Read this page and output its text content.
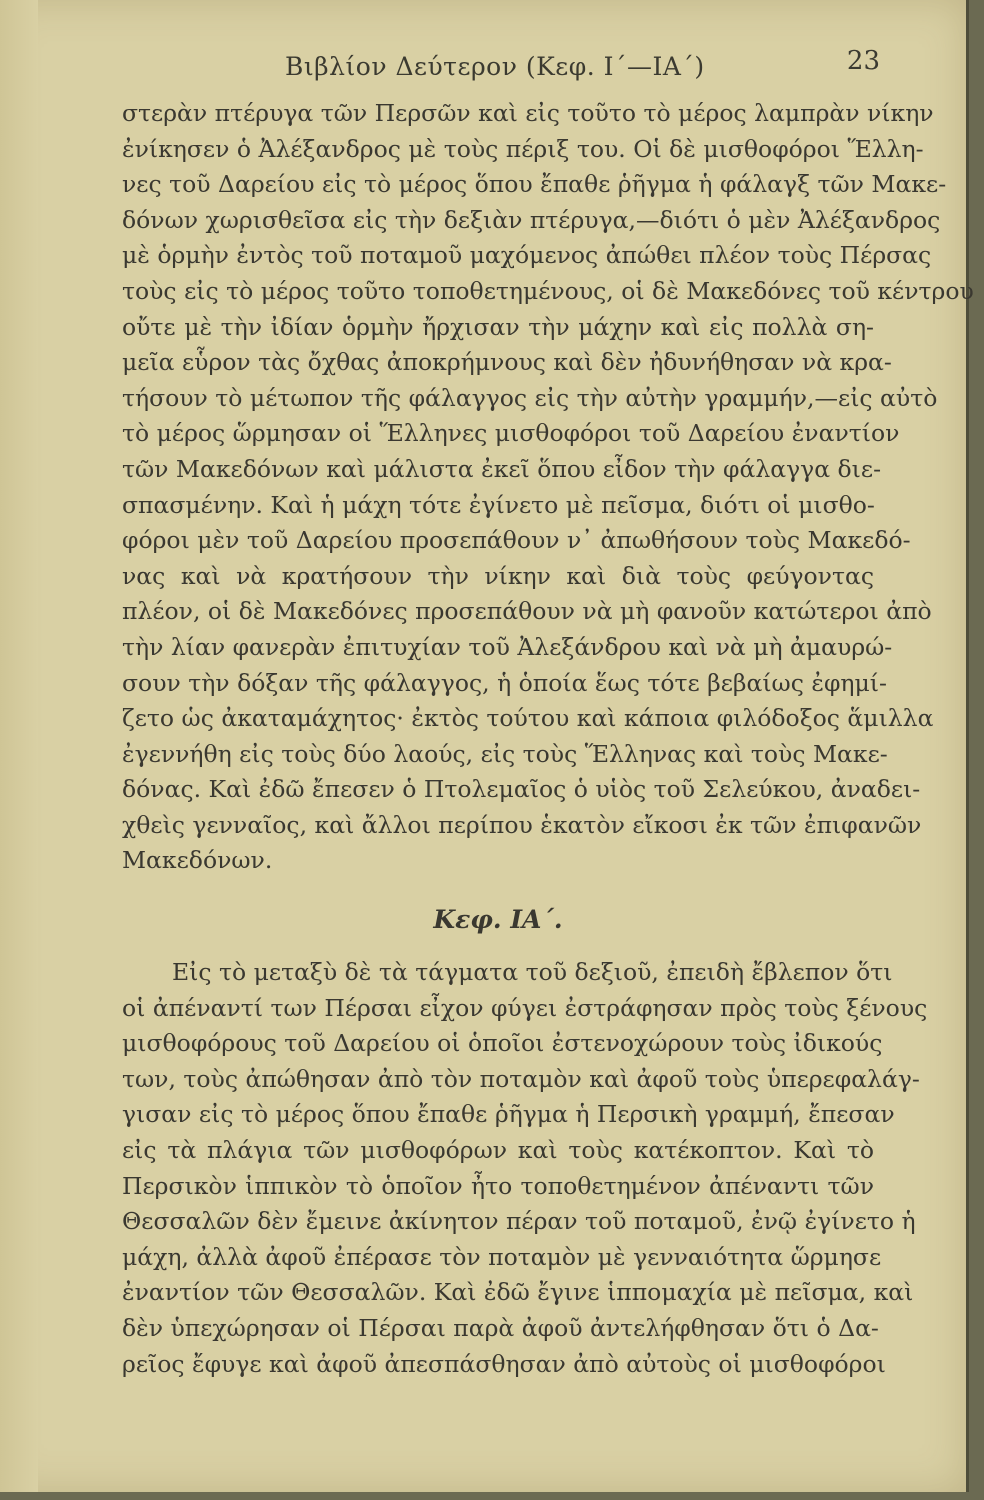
Βιβλίον Δεύτερον (Κεφ. Ι΄—ΙΑ΄)	23
στερὰν πτέρυγα τῶν Περσῶν καὶ εἰς τοῦτο τὸ μέρος λαμπρὰν νίκην
ἐνίκησεν ὁ Ἀλέξανδρος μὲ τοὺς πέριξ του. Οἱ δὲ μισθοφόροι Ἕλλη-
νες τοῦ Δαρείου εἰς τὸ μέρος ὅπου ἔπαθε ῥῆγμα ἡ φάλαγξ τῶν Μακε-
δόνων χωρισθεῖσα εἰς τὴν δεξιὰν πτέρυγα,—διότι ὁ μὲν Ἀλέξανδρος
μὲ ὁρμὴν ἐντὸς τοῦ ποταμοῦ μαχόμενος ἀπώθει πλέον τοὺς Πέρσας
τοὺς εἰς τὸ μέρος τοῦτο τοποθετημένους, οἱ δὲ Μακεδόνες τοῦ κέντρου
οὔτε μὲ τὴν ἰδίαν ὁρμὴν ἤρχισαν τὴν μάχην καὶ εἰς πολλὰ ση-
μεῖα εὗρον τὰς ὄχθας ἀποκρήμνους καὶ δὲν ἠδυνήθησαν νὰ κρα-
τήσουν τὸ μέτωπον τῆς φάλαγγος εἰς τὴν αὐτὴν γραμμήν,—εἰς αὐτὸ
τὸ μέρος ὥρμησαν οἱ Ἕλληνες μισθοφόροι τοῦ Δαρείου ἐναντίον
τῶν Μακεδόνων καὶ μάλιστα ἐκεῖ ὅπου εἶδον τὴν φάλαγγα διε-
σπασμένην. Καὶ ἡ μάχη τότε ἐγίνετο μὲ πεῖσμα, διότι οἱ μισθο-
φόροι μὲν τοῦ Δαρείου προσεπάθουν ν᾿ ἀπωθήσουν τοὺς Μακεδό-
νας καὶ νὰ κρατήσουν τὴν νίκην καὶ διὰ τοὺς φεύγοντας
πλέον, οἱ δὲ Μακεδόνες προσεπάθουν νὰ μὴ φανοῦν κατώτεροι ἀπὸ
τὴν λίαν φανερὰν ἐπιτυχίαν τοῦ Ἀλεξάνδρου καὶ νὰ μὴ ἀμαυρώ-
σουν τὴν δόξαν τῆς φάλαγγος, ἡ ὁποία ἕως τότε βεβαίως ἐφημί-
ζετο ὡς ἀκαταμάχητος· ἐκτὸς τούτου καὶ κάποια φιλόδοξος ἅμιλλα
ἐγεννήθη εἰς τοὺς δύο λαούς, εἰς τοὺς Ἕλληνας καὶ τοὺς Μακε-
δόνας. Καὶ ἐδῶ ἔπεσεν ὁ Πτολεμαῖος ὁ υἱὸς τοῦ Σελεύκου, ἀναδει-
χθεὶς γενναῖος, καὶ ἄλλοι περίπου ἑκατὸν εἴκοσι ἐκ τῶν ἐπιφανῶν
Μακεδόνων.
Κεφ. ΙΑ΄.
Εἰς τὸ μεταξὺ δὲ τὰ τάγματα τοῦ δεξιοῦ, ἐπειδὴ ἔβλεπον ὅτι
οἱ ἀπέναντί των Πέρσαι εἶχον φύγει ἐστράφησαν πρὸς τοὺς ξένους
μισθοφόρους τοῦ Δαρείου οἱ ὁποῖοι ἐστενοχώρουν τοὺς ἰδικούς
των, τοὺς ἀπώθησαν ἀπὸ τὸν ποταμὸν καὶ ἀφοῦ τοὺς ὑπερεφαλάγ-
γισαν εἰς τὸ μέρος ὅπου ἔπαθε ῥῆγμα ἡ Περσικὴ γραμμή, ἔπεσαν
εἰς τὰ πλάγια τῶν μισθοφόρων καὶ τοὺς κατέκοπτον. Καὶ τὸ
Περσικὸν ἱππικὸν τὸ ὁποῖον ἦτο τοποθετημένον ἀπέναντι τῶν
Θεσσαλῶν δὲν ἔμεινε ἀκίνητον πέραν τοῦ ποταμοῦ, ἐνῷ ἐγίνετο ἡ
μάχη, ἀλλὰ ἀφοῦ ἐπέρασε τὸν ποταμὸν μὲ γενναιότητα ὥρμησε
ἐναντίον τῶν Θεσσαλῶν. Καὶ ἐδῶ ἔγινε ἱππομαχία μὲ πεῖσμα, καὶ
δὲν ὑπεχώρησαν οἱ Πέρσαι παρὰ ἀφοῦ ἀντελήφθησαν ὅτι ὁ Δα-
ρεῖος ἔφυγε καὶ ἀφοῦ ἀπεσπάσθησαν ἀπὸ αὐτοὺς οἱ μισθοφόροι
